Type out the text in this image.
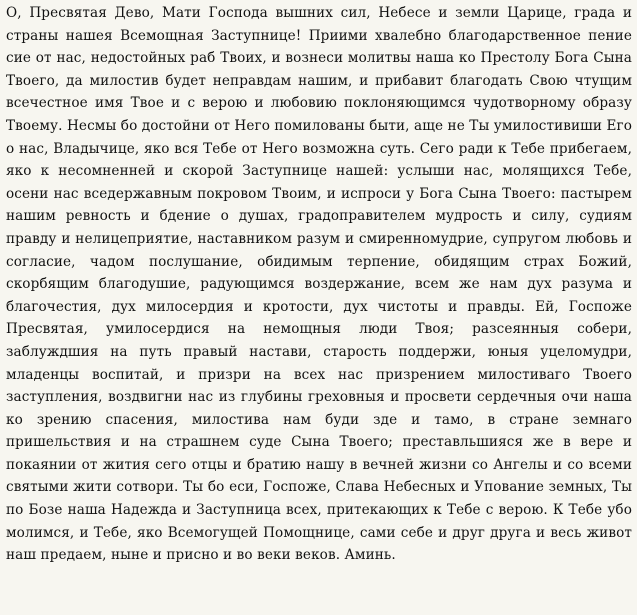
О, Пресвятая Дево, Мати Господа вышних сил, Небесе и земли Царице, града и страны нашея Всемощная Заступнице! Приими хвалебно благодарственное пение сие от нас, недостойных раб Твоих, и вознеси молитвы наша ко Престолу Бога Сына Твоего, да милостив будет неправдам нашим, и прибавит благодать Свою чтущим всечестное имя Твое и с верою и любовию поклоняющимся чудотворному образу Твоему. Несмы бо достойни от Него помилованы быти, аще не Ты умилостивиши Его о нас, Владычице, яко вся Тебе от Него возможна суть. Сего ради к Тебе прибегаем, яко к несомненней и скорой Заступнице нашей: услыши нас, молящихся Тебе, осени нас вседержавным покровом Твоим, и испроси у Бога Сына Твоего: пастырем нашим ревность и бдение о душах, градоправителем мудрость и силу, судиям правду и нелицеприятие, наставником разум и смиренномудрие, супругом любовь и согласие, чадом послушание, обидимым терпение, обидящим страх Божий, скорбящим благодушие, радующимся воздержание, всем же нам дух разума и благочестия, дух милосердия и кротости, дух чистоты и правды. Ей, Госпоже Пресвятая, умилосердися на немощныя люди Твоя; разсеянныя собери, заблуждшия на путь правый настави, старость поддержи, юныя уцеломудри, младенцы воспитай, и призри на всех нас призрением милостиваго Твоего заступления, воздвигни нас из глубины греховныя и просвети сердечныя очи наша ко зрению спасения, милостива нам буди зде и тамо, в стране земнаго пришельствия и на страшнем суде Сына Твоего; преставльшияся же в вере и покаянии от жития сего отцы и братию нашу в вечней жизни со Ангелы и со всеми святыми жити сотвори. Ты бо еси, Госпоже, Слава Небесных и Упование земных, Ты по Бозе наша Надежда и Заступница всех, притекающих к Тебе с верою. К Тебе убо молимся, и Тебе, яко Всемогущей Помощнице, сами себе и друг друга и весь живот наш предаем, ныне и присно и во веки веков. Аминь.
